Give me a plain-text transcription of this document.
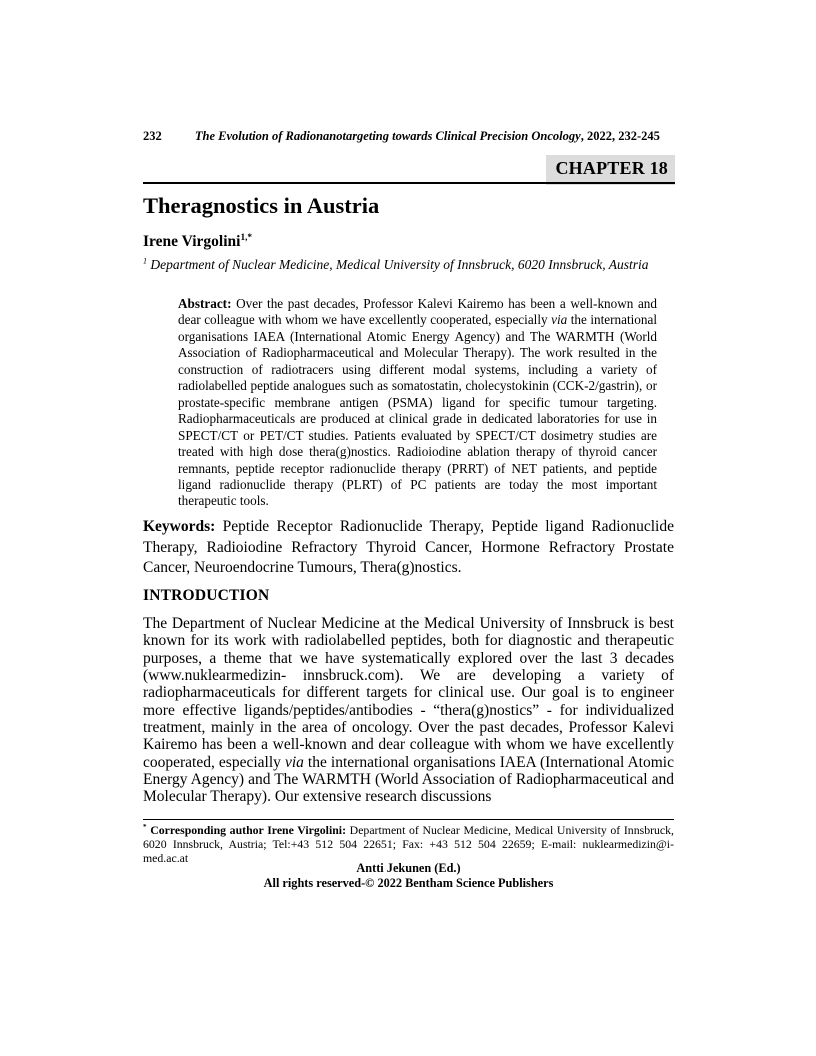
232	The Evolution of Radionanotargeting towards Clinical Precision Oncology, 2022, 232-245
CHAPTER 18
Theragnostics in Austria
Irene Virgolini$^{1,*}$
$^1$ Department of Nuclear Medicine, Medical University of Innsbruck, 6020 Innsbruck, Austria
Abstract: Over the past decades, Professor Kalevi Kairemo has been a well-known and dear colleague with whom we have excellently cooperated, especially via the international organisations IAEA (International Atomic Energy Agency) and The WARMTH (World Association of Radiopharmaceutical and Molecular Therapy). The work resulted in the construction of radiotracers using different modal systems, including a variety of radiolabelled peptide analogues such as somatostatin, cholecystokinin (CCK-2/gastrin), or prostate-specific membrane antigen (PSMA) ligand for specific tumour targeting. Radiopharmaceuticals are produced at clinical grade in dedicated laboratories for use in SPECT/CT or PET/CT studies. Patients evaluated by SPECT/CT dosimetry studies are treated with high dose thera(g)nostics. Radioiodine ablation therapy of thyroid cancer remnants, peptide receptor radionuclide therapy (PRRT) of NET patients, and peptide ligand radionuclide therapy (PLRT) of PC patients are today the most important therapeutic tools.
Keywords: Peptide Receptor Radionuclide Therapy, Peptide ligand Radionuclide Therapy, Radioiodine Refractory Thyroid Cancer, Hormone Refractory Prostate Cancer, Neuroendocrine Tumours, Thera(g)nostics.
INTRODUCTION
The Department of Nuclear Medicine at the Medical University of Innsbruck is best known for its work with radiolabelled peptides, both for diagnostic and therapeutic purposes, a theme that we have systematically explored over the last 3 decades (www.nuklearmedizin- innsbruck.com). We are developing a variety of radiopharmaceuticals for different targets for clinical use. Our goal is to engineer more effective ligands/peptides/antibodies - “thera(g)nostics” - for individualized treatment, mainly in the area of oncology. Over the past decades, Professor Kalevi Kairemo has been a well-known and dear colleague with whom we have excellently cooperated, especially via the international organisations IAEA (International Atomic Energy Agency) and The WARMTH (World Association of Radiopharmaceutical and Molecular Therapy). Our extensive research discussions
* Corresponding author Irene Virgolini: Department of Nuclear Medicine, Medical University of Innsbruck, 6020 Innsbruck, Austria; Tel:+43 512 504 22651; Fax: +43 512 504 22659; E-mail: nuklearmedizin@i-med.ac.at
Antti Jekunen (Ed.)
All rights reserved-© 2022 Bentham Science Publishers
